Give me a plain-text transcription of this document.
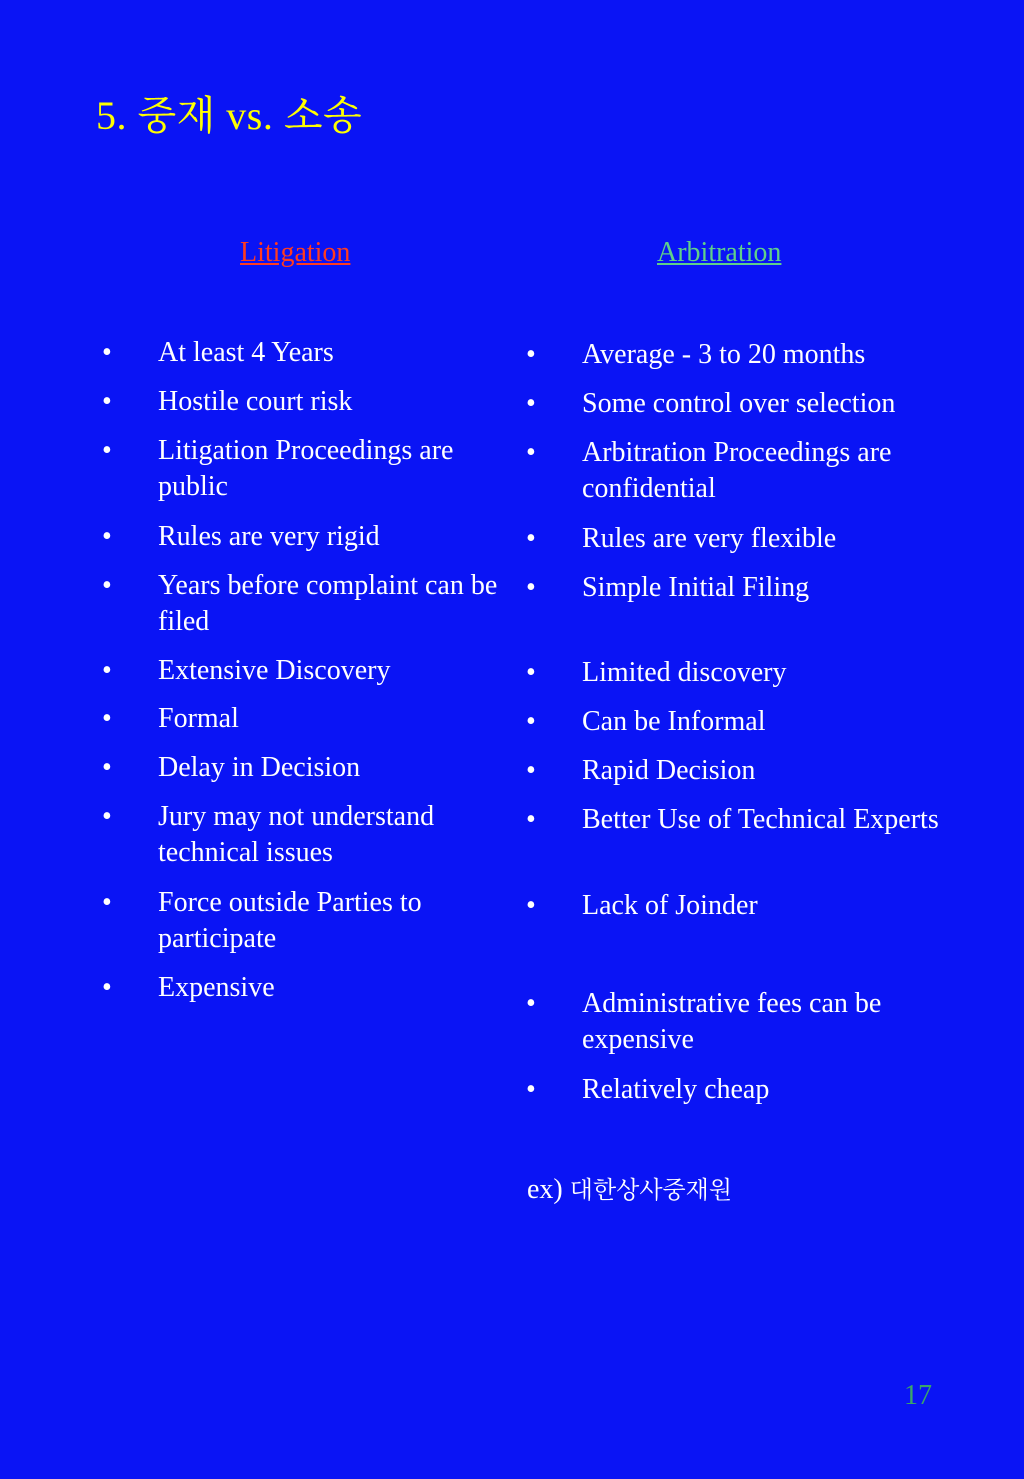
5. 중재 vs. 소송
Litigation	Arbitration
• At least 4 Years
• Hostile court risk
• Litigation Proceedings are public
• Rules are very rigid
• Years before complaint can be filed
• Extensive Discovery
• Formal
• Delay in Decision
• Jury may not understand technical issues
• Force outside Parties to participate
• Expensive
• Average - 3 to 20 months
• Some control over selection
• Arbitration Proceedings are confidential
• Rules are very flexible
• Simple Initial Filing
• Limited discovery
• Can be Informal
• Rapid Decision
• Better Use of Technical Experts
• Lack of Joinder
• Administrative fees can be expensive
• Relatively cheap
ex) 대한상사중재원
17
